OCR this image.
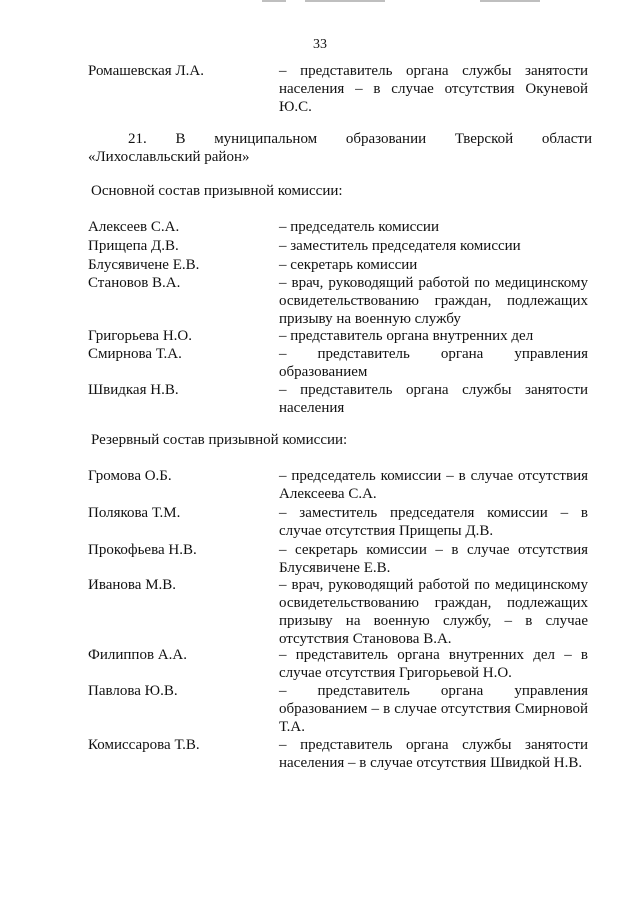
33
Ромашевская Л.А.	– представитель органа службы занятости населения – в случае отсутствия Окуневой Ю.С.
21. В муниципальном образовании Тверской области
«Лихославльский район»
Основной состав призывной комиссии:
Алексеев С.А.	– председатель комиссии
Прищепа Д.В.	– заместитель председателя комиссии
Блусявичене Е.В.	– секретарь комиссии
Становов В.А.	– врач, руководящий работой по медицинскому освидетельствованию граждан, подлежащих призыву на военную службу
Григорьева Н.О.	– представитель органа внутренних дел
Смирнова Т.А.	– представитель органа управления образованием
Швидкая Н.В.	– представитель органа службы занятости населения
Резервный состав призывной комиссии:
Громова О.Б.	– председатель комиссии – в случае отсутствия Алексеева С.А.
Полякова Т.М.	– заместитель председателя комиссии – в случае отсутствия Прищепы Д.В.
Прокофьева Н.В.	– секретарь комиссии – в случае отсутствия Блусявичене Е.В.
Иванова М.В.	– врач, руководящий работой по медицинскому освидетельствованию граждан, подлежащих призыву на военную службу, – в случае отсутствия Становова В.А.
Филиппов А.А.	– представитель органа внутренних дел – в случае отсутствия Григорьевой Н.О.
Павлова Ю.В.	– представитель органа управления образованием – в случае отсутствия Смирновой Т.А.
Комиссарова Т.В.	– представитель органа службы занятости населения – в случае отсутствия Швидкой Н.В.
